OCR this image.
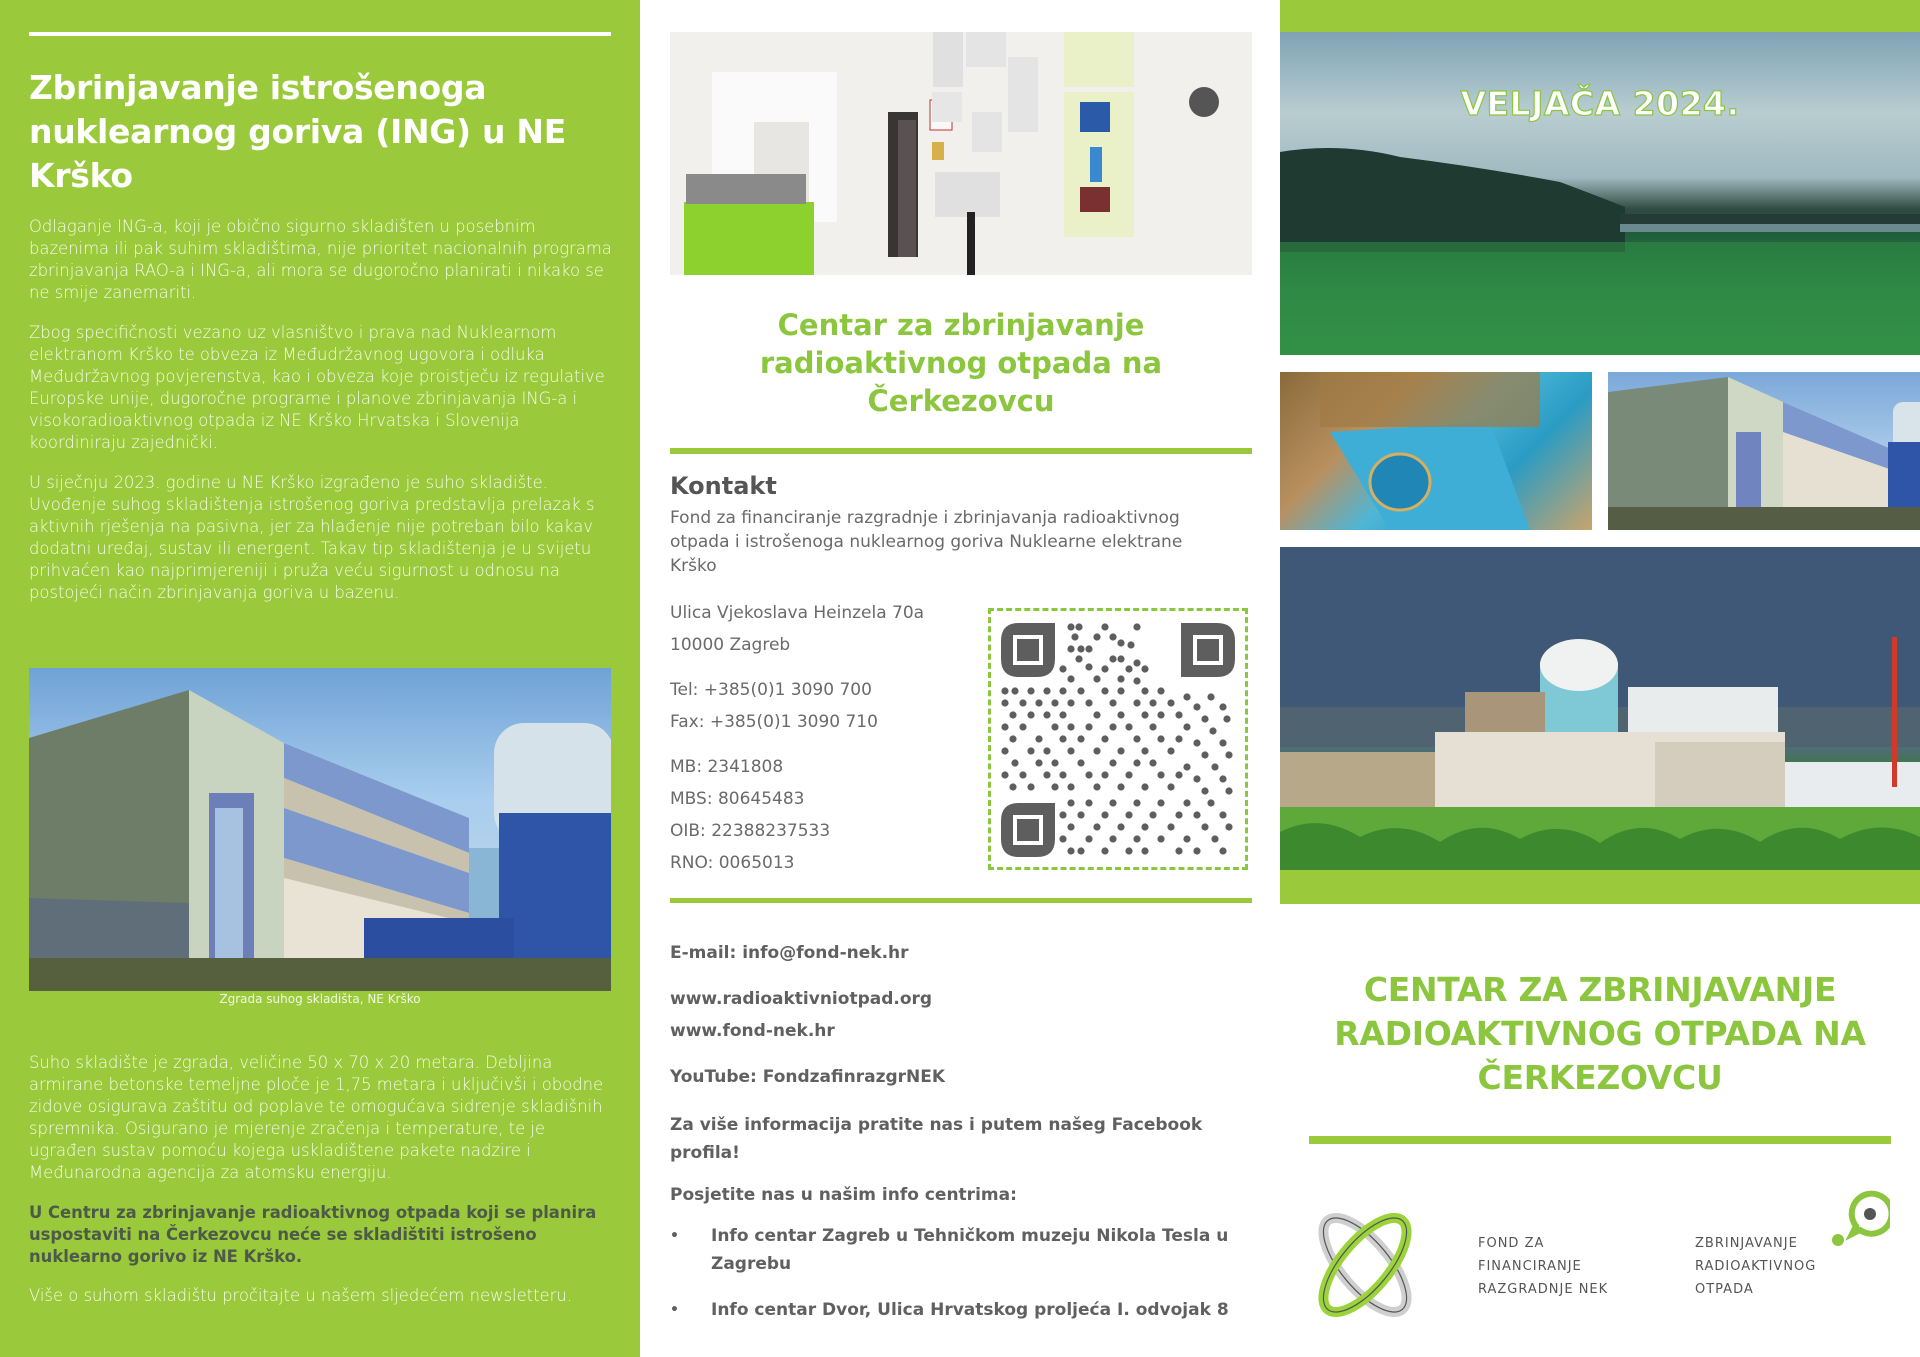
Zbrinjavanje istrošenoga nuklearnog goriva (ING) u NE Krško

Odlaganje ING-a, koji je obično sigurno skladišten u posebnim bazenima ili pak suhim skladištima, nije prioritet nacionalnih programa zbrinjavanja RAO-a i ING-a, ali mora se dugoročno planirati i nikako se ne smije zanemariti.

Zbog specifičnosti vezano uz vlasništvo i prava nad Nuklearnom elektranom Krško te obveza iz Međudržavnog ugovora i odluka Međudržavnog povjerenstva, kao i obveza koje proistječu iz regulative Europske unije, dugoročne programe i planove zbrinjavanja ING-a i visokoradioaktivnog otpada iz NE Krško Hrvatska i Slovenija koordiniraju zajednički.

U siječnju 2023. godine u NE Krško izgrađeno je suho skladište. Uvođenje suhog skladištenja istrošenog goriva predstavlja prelazak s aktivnih rješenja na pasivna, jer za hlađenje nije potreban bilo kakav dodatni uređaj, sustav ili energent. Takav tip skladištenja je u svijetu prihvaćen kao najprimjereniji i pruža veću sigurnost u odnosu na postojeći način zbrinjavanja goriva u bazenu.

Zgrada suhog skladišta, NE Krško

Suho skladište je zgrada, veličine 50 x 70 x 20 metara. Debljina armirane betonske temeljne ploče je 1,75 metara i uključivši i obodne zidove osigurava zaštitu od poplave te omogućava sidrenje skladišnih spremnika. Osigurano je mjerenje zračenja i temperature, te je ugrađen sustav pomoću kojega uskladištene pakete nadzire i Međunarodna agencija za atomsku energiju.

U Centru za zbrinjavanje radioaktivnog otpada koji se planira uspostaviti na Čerkezovcu neće se skladištiti istrošeno nuklearno gorivo iz NE Krško.

Više o suhom skladištu pročitajte u našem sljedećem newsletteru.

Centar za zbrinjavanje radioaktivnog otpada na Čerkezovcu
Kontakt

Fond za financiranje razgradnje i zbrinjavanja radioaktivnog otpada i istrošenoga nuklearnog goriva Nuklearne elektrane Krško

Ulica Vjekoslava Heinzela 70a

10000 Zagreb

Tel: +385(0)1 3090 700

Fax: +385(0)1 3090 710

MB: 2341808

MBS: 80645483

OIB: 22388237533

RNO: 0065013

E-mail: info@fond-nek.hr

www.radioaktivniotpad.org

www.fond-nek.hr

YouTube: FondzafinrazgrNEK

Za više informacija pratite nas i putem našeg Facebook profila!

Posjetite nas u našim info centrima:

• Info centar Zagreb u Tehničkom muzeju Nikola Tesla u Zagrebu
• Info centar Dvor, Ulica Hrvatskog proljeća I. odvojak 8
VELJAČA 2024.
CENTAR ZA ZBRINJAVANJE RADIOAKTIVNOG OTPADA NA ČERKEZOVCU
FOND ZA
FINANCIRANJE
RAZGRADNJE NEK
ZBRINJAVANJE
RADIOAKTIVNOG
OTPADA
